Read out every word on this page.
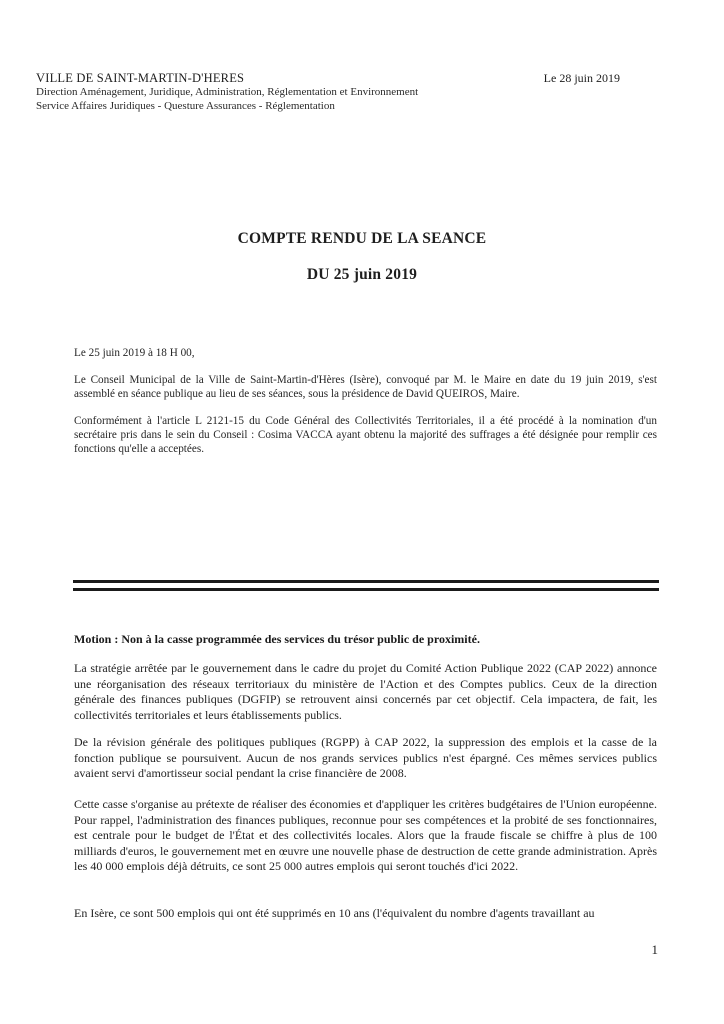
VILLE DE SAINT-MARTIN-D'HERES
Direction Aménagement, Juridique, Administration, Réglementation et Environnement
Service Affaires Juridiques - Questure Assurances - Réglementation
Le 28 juin 2019
COMPTE RENDU DE LA SEANCE
DU 25 juin 2019
Le 25 juin 2019 à 18 H 00,
Le Conseil Municipal de la Ville de Saint-Martin-d'Hères (Isère), convoqué par M. le Maire en date du 19 juin 2019, s'est assemblé en séance publique au lieu de ses séances, sous la présidence de David QUEIROS, Maire.
Conformément à l'article L 2121-15 du Code Général des Collectivités Territoriales, il a été procédé à la nomination d'un secrétaire pris dans le sein du Conseil : Cosima VACCA ayant obtenu la majorité des suffrages a été désignée pour remplir ces fonctions qu'elle a acceptées.
Motion : Non à la casse programmée des services du trésor public de proximité.
La stratégie arrêtée par le gouvernement dans le cadre du projet du Comité Action Publique 2022 (CAP 2022) annonce une réorganisation des réseaux territoriaux du ministère de l'Action et des Comptes publics. Ceux de la direction générale des finances publiques (DGFIP) se retrouvent ainsi concernés par cet objectif. Cela impactera, de fait, les collectivités territoriales et leurs établissements publics.
De la révision générale des politiques publiques (RGPP) à CAP 2022, la suppression des emplois et la casse de la fonction publique se poursuivent. Aucun de nos grands services publics n'est épargné. Ces mêmes services publics avaient servi d'amortisseur social pendant la crise financière de 2008.
Cette casse s'organise au prétexte de réaliser des économies et d'appliquer les critères budgétaires de l'Union européenne. Pour rappel, l'administration des finances publiques, reconnue pour ses compétences et la probité de ses fonctionnaires, est centrale pour le budget de l'État et des collectivités locales. Alors que la fraude fiscale se chiffre à plus de 100 milliards d'euros, le gouvernement met en œuvre une nouvelle phase de destruction de cette grande administration. Après les 40 000 emplois déjà détruits, ce sont 25 000 autres emplois qui seront touchés d'ici 2022.
En Isère, ce sont 500 emplois qui ont été supprimés en 10 ans (l'équivalent du nombre d'agents travaillant au
1
